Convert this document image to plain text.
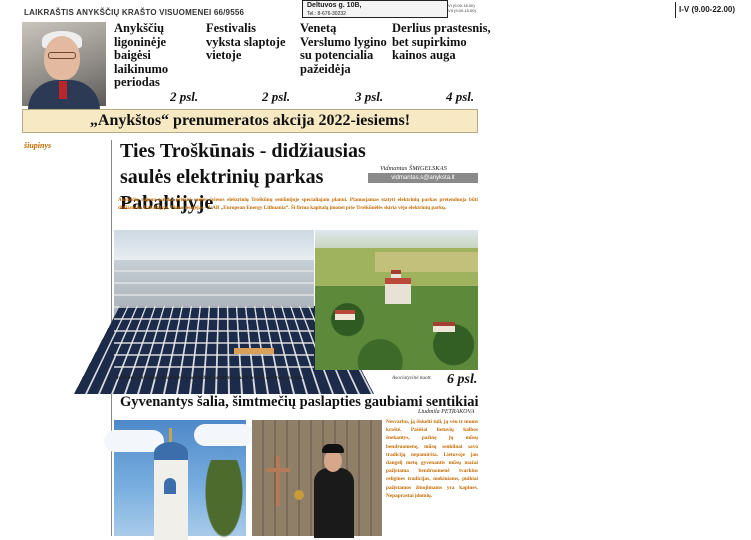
LAIKRAŠTIS ANYKŠČIŲ KRAŠTO VISUOMENEI 66/9556
Deltuvos g. 10B,
Tel.: 8-676-30232	I-V (9.00-22.00)
VI (9.00-16.00)
VII (9.00-15.00)
Anykščių ligoninėje baigėsi laikinumo periodas
Festivalis vyksta slaptoje vietoje
Venetą Verslumo lygino su potencialia pažeidėja
Derlius prastesnis, bet supirkimo kainos auga
2 psl.	2 psl.	3 psl.	4 psl.
„Anykštos“ prenumeratos akcija 2022-iesiems!
šiupinys	Ties Troškūnais - didžiausias saulės elektrinių parkas Pabaltijyje
Vidmantas ŠMIGELSKAS
vidmantas.s@anyksta.lt
Anykščių rajono taryba pritarė saulės šviesos elektrinių Troškūnų seniūnijoje specialiajam planui. Planuojamas statyti elektrinių parkas pretenduoja būti didžiausias Pabaltijyje. Plano rengėjas – UAB „European Energy Lithuania“. Ši firma kapitalą įmonei prie Troškūnėlės skiria vėjo elektrinių parkų.
Troškūnų seniūnijoje kitais metais turėtų būti pastatytas saulės šviesos elektrinių parkas.	Asociatyvinė nuotr. 6 psl.
Gyvenantys šalia, šimtmečių paslapties gaubiami sentikiai
Liudmila PETRAKOVA
Nesvarbu, ją išskelti tuli, ją vėu ir mums kraštė. Pašėšai lietuvių kalbos šnekantys, pažinę jų mūsų bendruomenę, mūsų senklinai savo tradiciją nepamiršta. Lietuvoje jau dangelį metų gyvenantis mūsų mažai pažįstama bendruomenė tvarkius religines tradicijas, mokiniams, puikiai pažįstamos žinojimams yra kapines. Nepaprastai įdomių.
